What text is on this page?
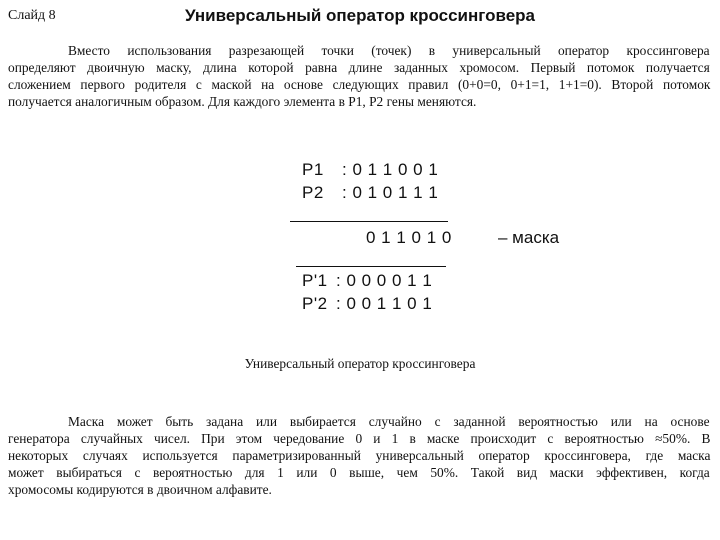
Слайд 8	Универсальный оператор кроссинговера
Вместо использования разрезающей точки (точек) в универсальный оператор кроссинговера
определяют двоичную маску, длина которой равна длине заданных хромосом. Первый потомок получается
сложением первого родителя с маской на основе следующих правил (0+0=0, 0+1=1, 1+1=0). Второй потомок
получается аналогичным образом. Для каждого элемента в P1, P2 гены меняются.
P1 : 0 1 1 0 0 1
P2 : 0 1 0 1 1 1
0 1 1 0 1 0	– маска
P'1 : 0 0 0 0 1 1
P'2 : 0 0 1 1 0 1
Универсальный оператор кроссинговера
Маска может быть задана или выбирается случайно с заданной вероятностью или на основе
генератора случайных чисел. При этом чередование 0 и 1 в маске происходит с вероятностью ≈50%. В
некоторых случаях используется параметризированный универсальный оператор кроссинговера, где маска
может выбираться с вероятностью для 1 или 0 выше, чем 50%. Такой вид маски эффективен, когда
хромосомы кодируются в двоичном алфавите.
